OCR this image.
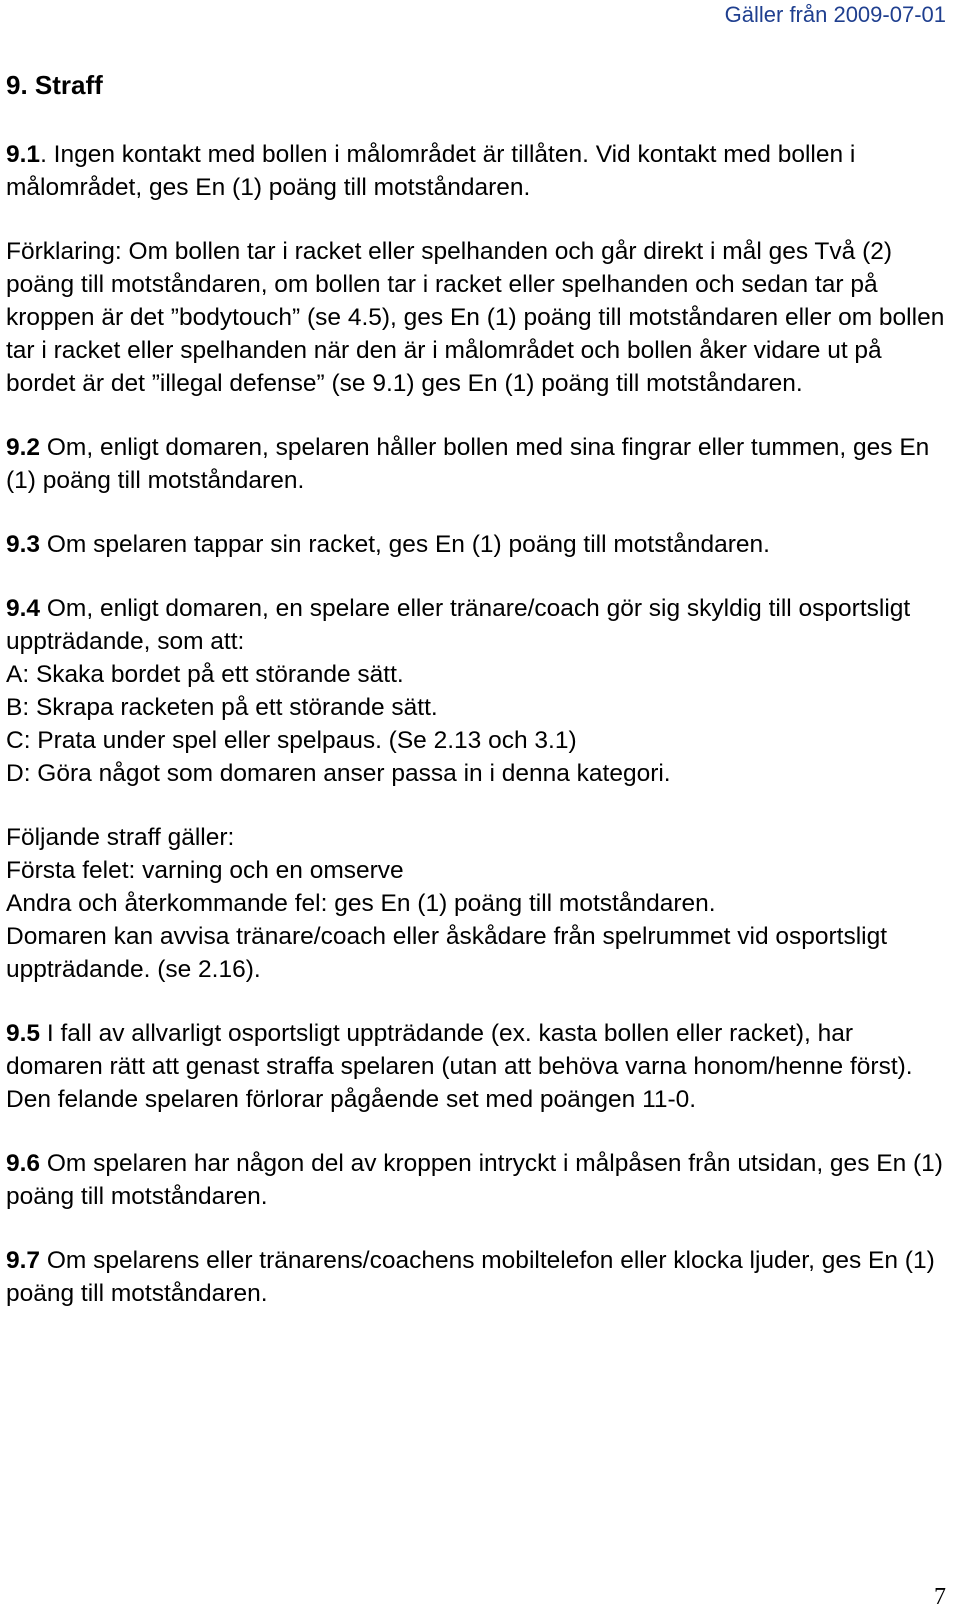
Gäller från 2009-07-01
9. Straff

9.1. Ingen kontakt med bollen i målområdet är tillåten. Vid kontakt med bollen i målområdet, ges En (1) poäng till motståndaren.

Förklaring: Om bollen tar i racket eller spelhanden och går direkt i mål ges Två (2) poäng till motståndaren, om bollen tar i racket eller spelhanden och sedan tar på kroppen är det ”bodytouch” (se 4.5), ges En (1) poäng till motståndaren eller om bollen tar i racket eller spelhanden när den är i målområdet och bollen åker vidare ut på bordet är det ”illegal defense” (se 9.1) ges En (1) poäng till motståndaren.

9.2 Om, enligt domaren, spelaren håller bollen med sina fingrar eller tummen, ges En (1) poäng till motståndaren.

9.3 Om spelaren tappar sin racket, ges En (1) poäng till motståndaren.

9.4 Om, enligt domaren, en spelare eller tränare/coach gör sig skyldig till osportsligt uppträdande, som att:
A: Skaka bordet på ett störande sätt.
B: Skrapa racketen på ett störande sätt.
C: Prata under spel eller spelpaus. (Se 2.13 och 3.1)
D: Göra något som domaren anser passa in i denna kategori.

Följande straff gäller:
Första felet: varning och en omserve
Andra och återkommande fel: ges En (1) poäng till motståndaren.
Domaren kan avvisa tränare/coach eller åskådare från spelrummet vid osportsligt uppträdande. (se 2.16).

9.5 I fall av allvarligt osportsligt uppträdande (ex. kasta bollen eller racket), har domaren rätt att genast straffa spelaren (utan att behöva varna honom/henne först). Den felande spelaren förlorar pågående set med poängen 11-0.

9.6 Om spelaren har någon del av kroppen intryckt i målpåsen från utsidan, ges En (1) poäng till motståndaren.

9.7 Om spelarens eller tränarens/coachens mobiltelefon eller klocka ljuder, ges En (1) poäng till motståndaren.

7
